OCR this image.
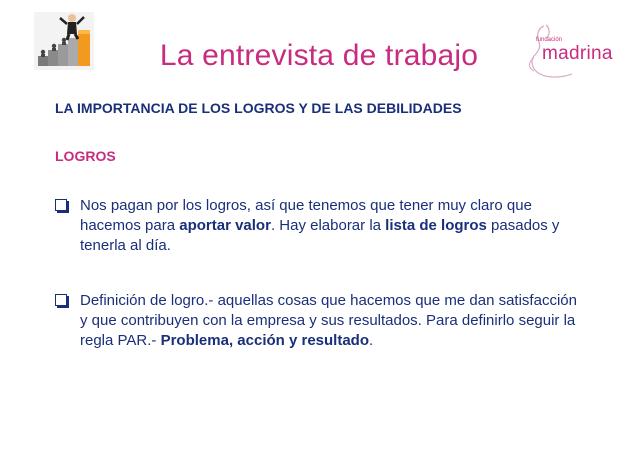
La entrevista de trabajo	fundación
madrina
LA IMPORTANCIA DE LOS LOGROS Y DE LAS DEBILIDADES
LOGROS
Nos pagan por los logros, así que tenemos que tener muy claro que hacemos para aportar valor. Hay elaborar la lista de logros pasados y tenerla al día.
Definición de logro.- aquellas cosas que hacemos que me dan satisfacción y que contribuyen con la empresa y sus resultados. Para definirlo seguir la regla PAR.- Problema, acción y resultado.
